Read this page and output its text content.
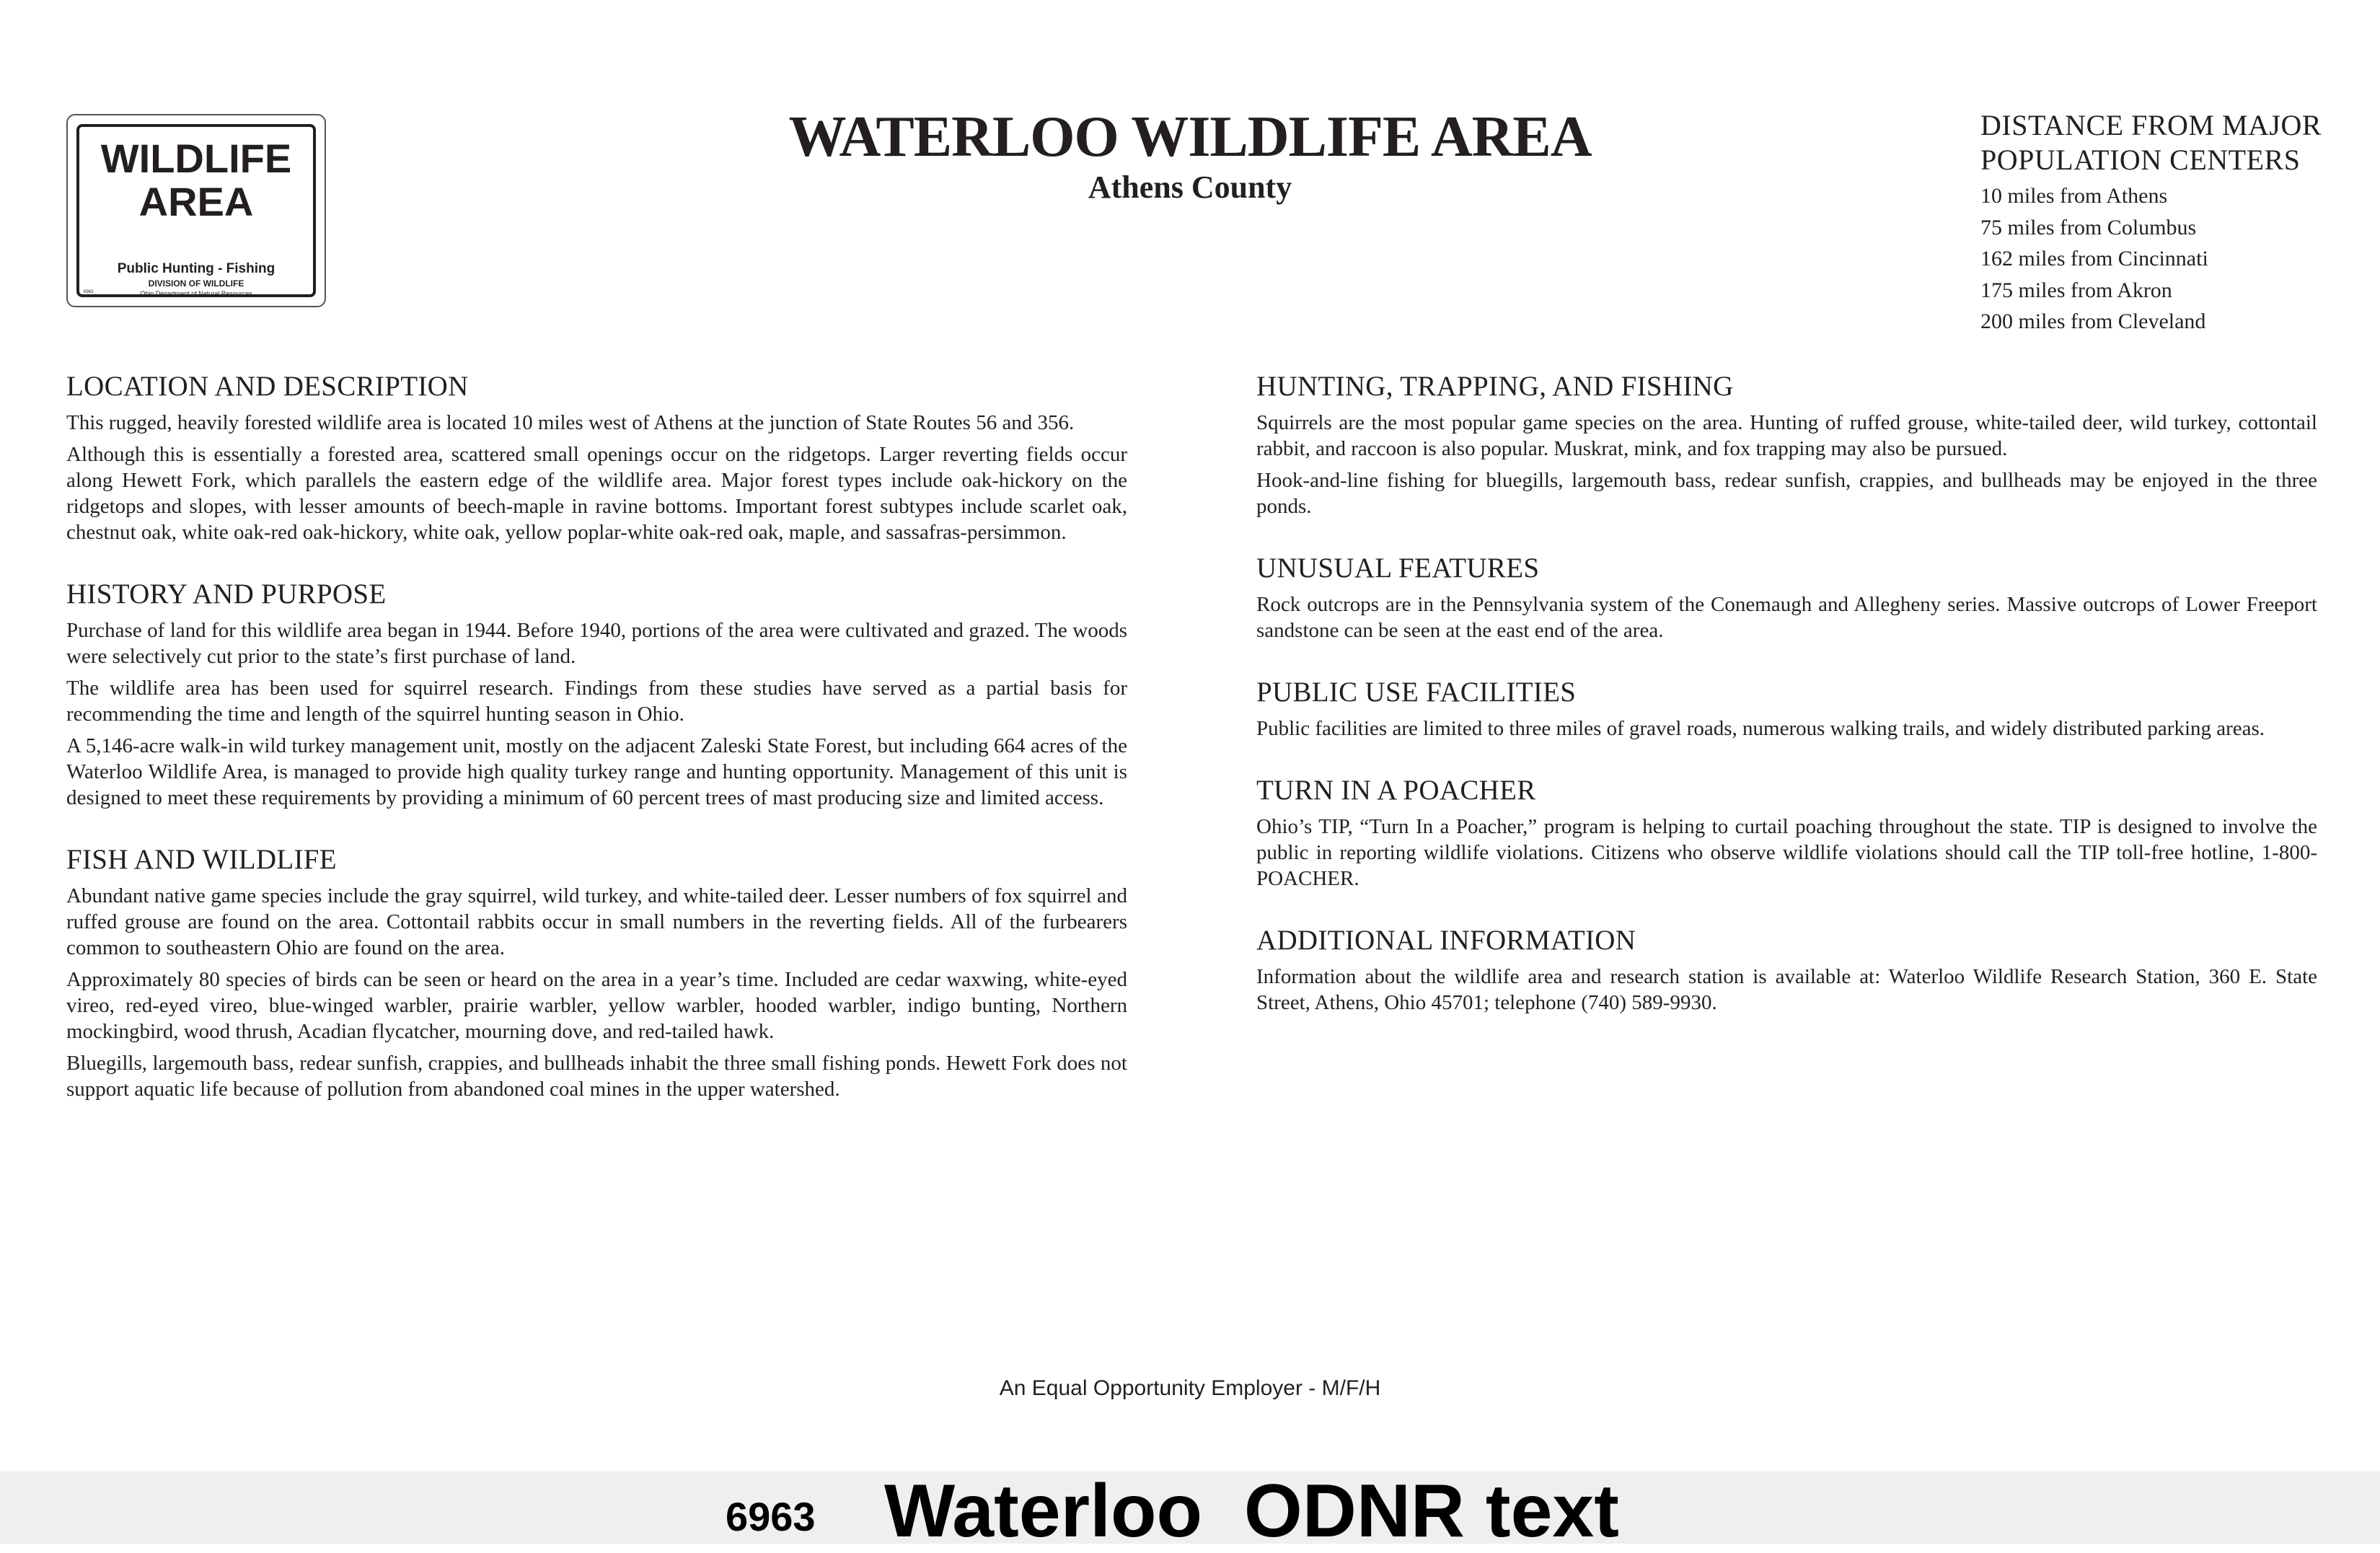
WILDLIFE AREA
Public Hunting - Fishing
DIVISION OF WILDLIFE
Ohio Department of Natural Resources
6963
WATERLOO WILDLIFE AREA
Athens County
DISTANCE FROM MAJOR POPULATION CENTERS
10 miles from Athens
75 miles from Columbus
162 miles from Cincinnati
175 miles from Akron
200 miles from Cleveland
LOCATION AND DESCRIPTION

This rugged, heavily forested wildlife area is located 10 miles west of Athens at the junction of State Routes 56 and 356.

Although this is essentially a forested area, scattered small openings occur on the ridgetops. Larger reverting fields occur along Hewett Fork, which parallels the eastern edge of the wildlife area. Major forest types include oak-hickory on the ridgetops and slopes, with lesser amounts of beech-maple in ravine bottoms. Important forest subtypes include scarlet oak, chestnut oak, white oak-red oak-hickory, white oak, yellow poplar-white oak-red oak, maple, and sassafras-persimmon.

HISTORY AND PURPOSE

Purchase of land for this wildlife area began in 1944. Before 1940, portions of the area were cultivated and grazed. The woods were selectively cut prior to the state’s first purchase of land.

The wildlife area has been used for squirrel research. Findings from these studies have served as a partial basis for recommending the time and length of the squirrel hunting season in Ohio.

A 5,146-acre walk-in wild turkey management unit, mostly on the adjacent Zaleski State Forest, but including 664 acres of the Waterloo Wildlife Area, is managed to provide high quality turkey range and hunting opportunity. Management of this unit is designed to meet these requirements by providing a minimum of 60 percent trees of mast producing size and limited access.

FISH AND WILDLIFE

Abundant native game species include the gray squirrel, wild turkey, and white-tailed deer. Lesser numbers of fox squirrel and ruffed grouse are found on the area. Cottontail rabbits occur in small numbers in the reverting fields. All of the furbearers common to southeastern Ohio are found on the area.

Approximately 80 species of birds can be seen or heard on the area in a year’s time. Included are cedar waxwing, white-eyed vireo, red-eyed vireo, blue-winged warbler, prairie warbler, yellow warbler, hooded warbler, indigo bunting, Northern mockingbird, wood thrush, Acadian flycatcher, mourning dove, and red-tailed hawk.

Bluegills, largemouth bass, redear sunfish, crappies, and bullheads inhabit the three small fishing ponds. Hewett Fork does not support aquatic life because of pollution from abandoned coal mines in the upper watershed.

HUNTING, TRAPPING, AND FISHING

Squirrels are the most popular game species on the area. Hunting of ruffed grouse, white-tailed deer, wild turkey, cottontail rabbit, and raccoon is also popular. Muskrat, mink, and fox trapping may also be pursued.

Hook-and-line fishing for bluegills, largemouth bass, redear sunfish, crappies, and bullheads may be enjoyed in the three ponds.

UNUSUAL FEATURES

Rock outcrops are in the Pennsylvania system of the Conemaugh and Allegheny series. Massive outcrops of Lower Freeport sandstone can be seen at the east end of the area.

PUBLIC USE FACILITIES

Public facilities are limited to three miles of gravel roads, numerous walking trails, and widely distributed parking areas.

TURN IN A POACHER

Ohio’s TIP, “Turn In a Poacher,” program is helping to curtail poaching throughout the state. TIP is designed to involve the public in reporting wildlife violations. Citizens who observe wildlife violations should call the TIP toll-free hotline, 1-800-POACHER.

ADDITIONAL INFORMATION

Information about the wildlife area and research station is available at: Waterloo Wildlife Research Station, 360 E. State Street, Athens, Ohio 45701; telephone (740) 589-9930.

An Equal Opportunity Employer - M/F/H
6963 Waterloo  ODNR text
